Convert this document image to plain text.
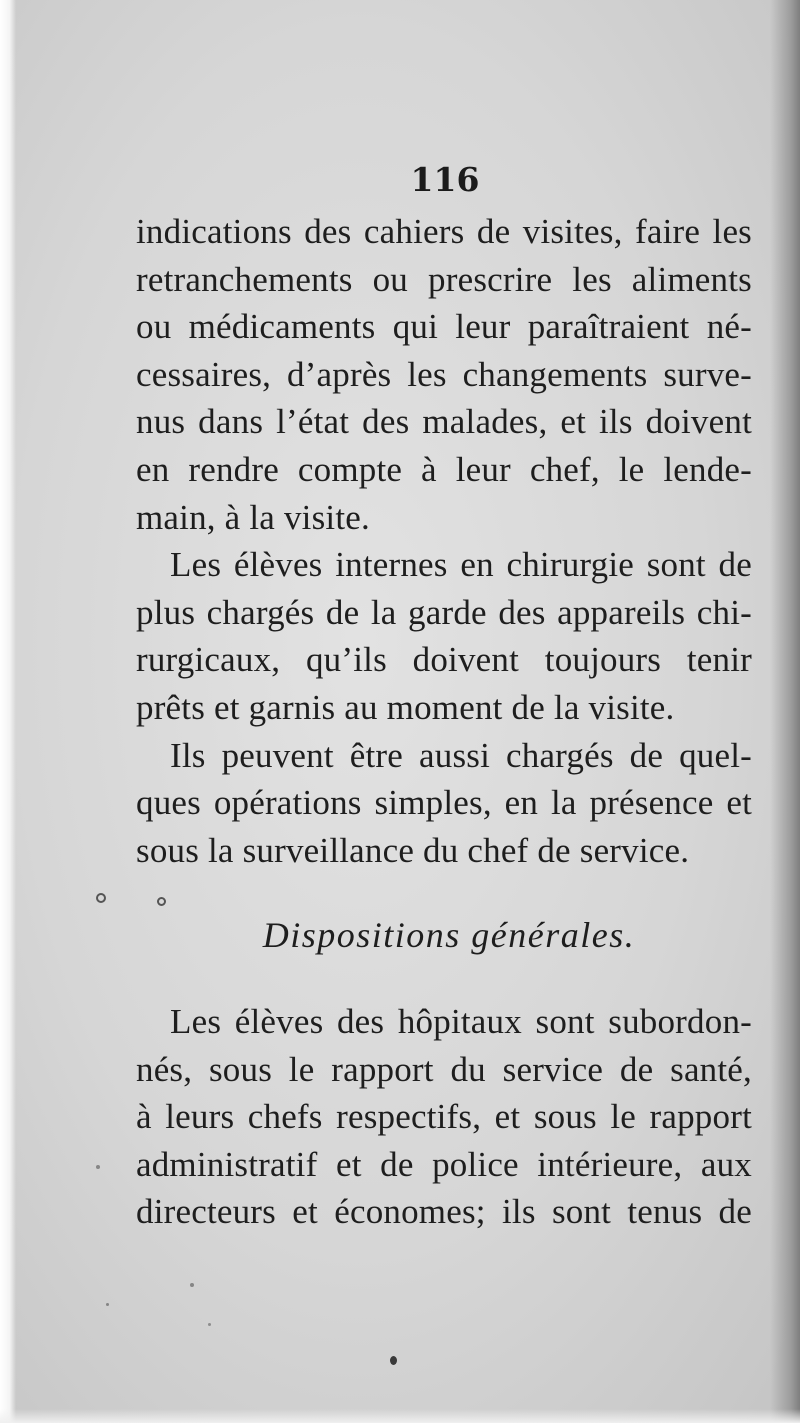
116
indications des cahiers de visites, faire les
retranchements ou prescrire les aliments
ou médicaments qui leur paraîtraient né-
cessaires, d’après les changements surve-
nus dans l’état des malades, et ils doivent
en rendre compte à leur chef, le lende-
main, à la visite.
Les élèves internes en chirurgie sont de
plus chargés de la garde des appareils chi-
rurgicaux, qu’ils doivent toujours tenir
prêts et garnis au moment de la visite.
Ils peuvent être aussi chargés de quel-
ques opérations simples, en la présence et
sous la surveillance du chef de service.
Dispositions générales.
Les élèves des hôpitaux sont subordon-
nés, sous le rapport du service de santé,
à leurs chefs respectifs, et sous le rapport
administratif et de police intérieure, aux
directeurs et économes; ils sont tenus de
